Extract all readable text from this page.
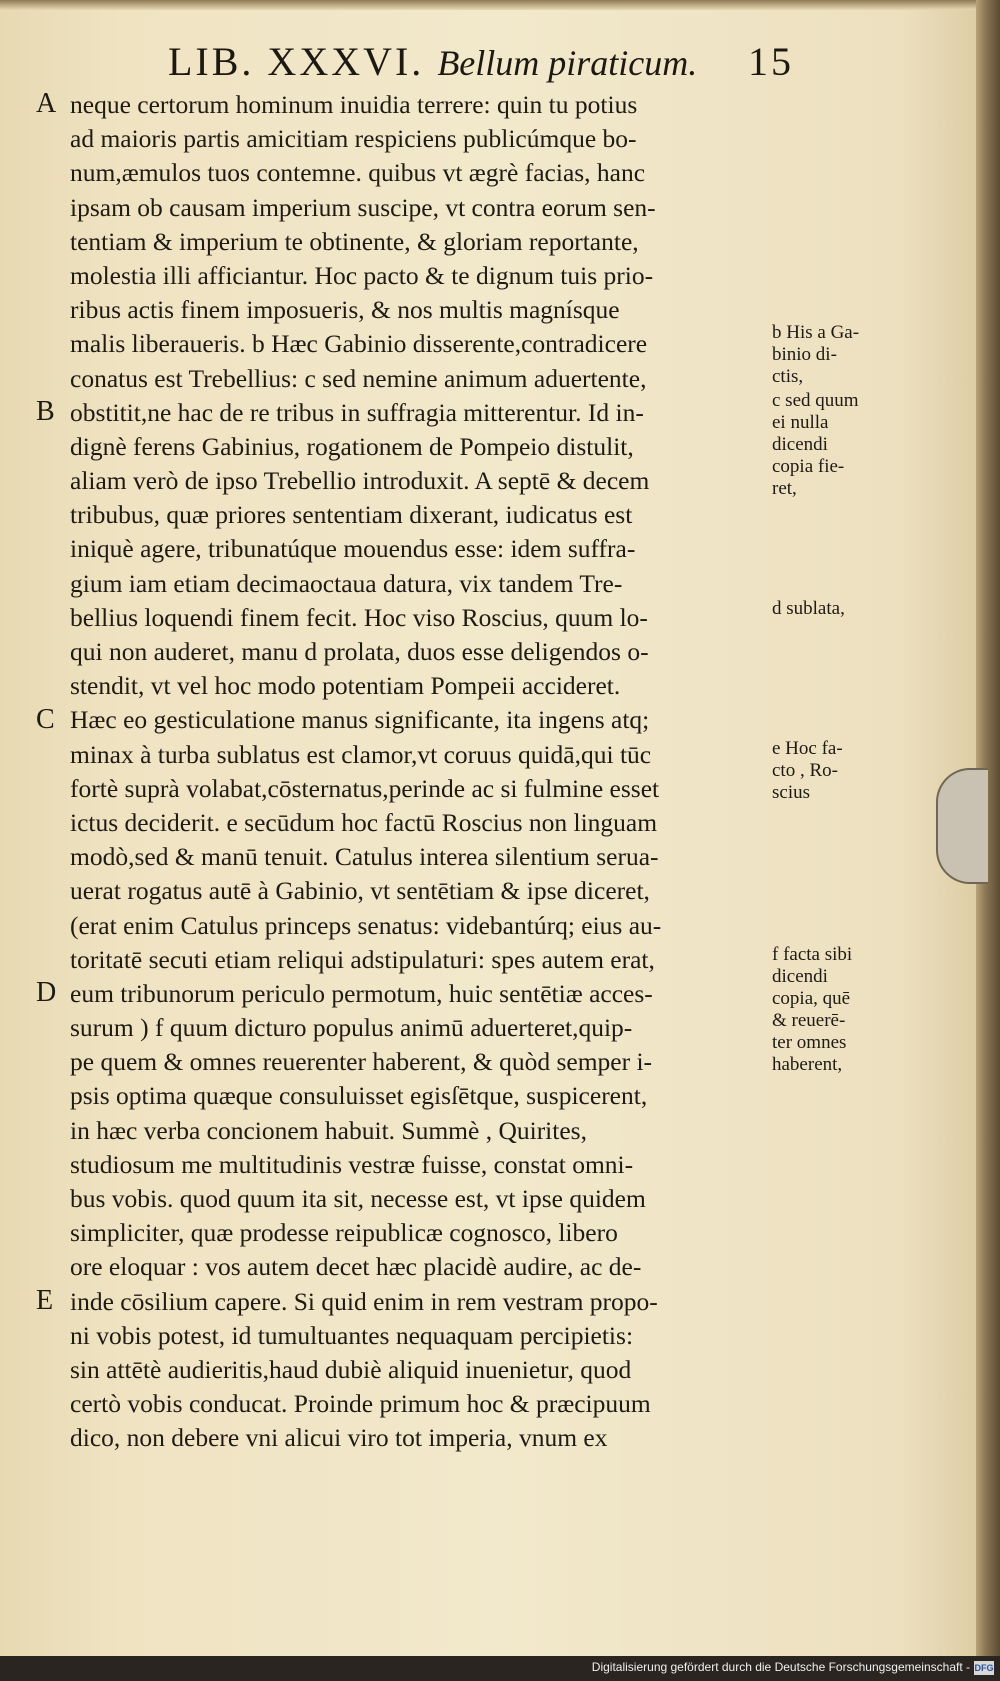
LIB. XXXVI. Bellum piraticum. 15
A
B
C
D
E
neque certorum hominum inuidia terrere: quin tu potius
ad maioris partis amicitiam respiciens publicúmque bo-
num,æmulos tuos contemne. quibus vt ægrè facias, hanc
ipsam ob causam imperium suscipe, vt contra eorum sen-
tentiam & imperium te obtinente, & gloriam reportante,
molestia illi afficiantur. Hoc pacto & te dignum tuis prio-
ribus actis finem imposueris, & nos multis magnísque
malis liberaueris. b Hæc Gabinio disserente,contradicere
conatus est Trebellius: c sed nemine animum aduertente,
obstitit,ne hac de re tribus in suffragia mitterentur. Id in-
dignè ferens Gabinius, rogationem de Pompeio distulit,
aliam verò de ipso Trebellio introduxit. A septē & decem
tribubus, quæ priores sententiam dixerant, iudicatus est
iniquè agere, tribunatúque mouendus esse: idem suffra-
gium iam etiam decimaoctaua datura, vix tandem Tre-
bellius loquendi finem fecit. Hoc viso Roscius, quum lo-
qui non auderet, manu d prolata, duos esse deligendos o-
stendit, vt vel hoc modo potentiam Pompeii accideret.
Hæc eo gesticulatione manus significante, ita ingens atq;
minax à turba sublatus est clamor,vt coruus quidā,qui tūc
fortè suprà volabat,cōsternatus,perinde ac si fulmine esset
ictus deciderit. e secūdum hoc factū Roscius non linguam
modò,sed & manū tenuit. Catulus interea silentium serua-
uerat rogatus autē à Gabinio, vt sentētiam & ipse diceret,
(erat enim Catulus princeps senatus: videbantúrq; eius au-
toritatē secuti etiam reliqui adstipulaturi: spes autem erat,
eum tribunorum periculo permotum, huic sentētiæ acces-
surum ) f quum dicturo populus animū aduerteret,quip-
pe quem & omnes reuerenter haberent, & quòd semper i-
psis optima quæque consuluisset egisſētque, suspicerent,
in hæc verba concionem habuit. Summè , Quirites,
studiosum me multitudinis vestræ fuisse, constat omni-
bus vobis. quod quum ita sit, necesse est, vt ipse quidem
simpliciter, quæ prodesse reipublicæ cognosco, libero
ore eloquar : vos autem decet hæc placidè audire, ac de-
inde cōsilium capere. Si quid enim in rem vestram propo-
ni vobis potest, id tumultuantes nequaquam percipietis:
sin attētè audieritis,haud dubiè aliquid inuenietur, quod
certò vobis conducat. Proinde primum hoc & præcipuum
dico, non debere vni alicui viro tot imperia, vnum ex
b His a Ga-
binio di-
ctis,
c sed quum
ei nulla
dicendi
copia fie-
ret,
d sublata,
e Hoc fa-
cto , Ro-
scius
f facta sibi
dicendi
copia, quē
& reuerē-
ter omnes
haberent,
Digitalisierung gefördert durch die Deutsche Forschungsgemeinschaft - DFG
